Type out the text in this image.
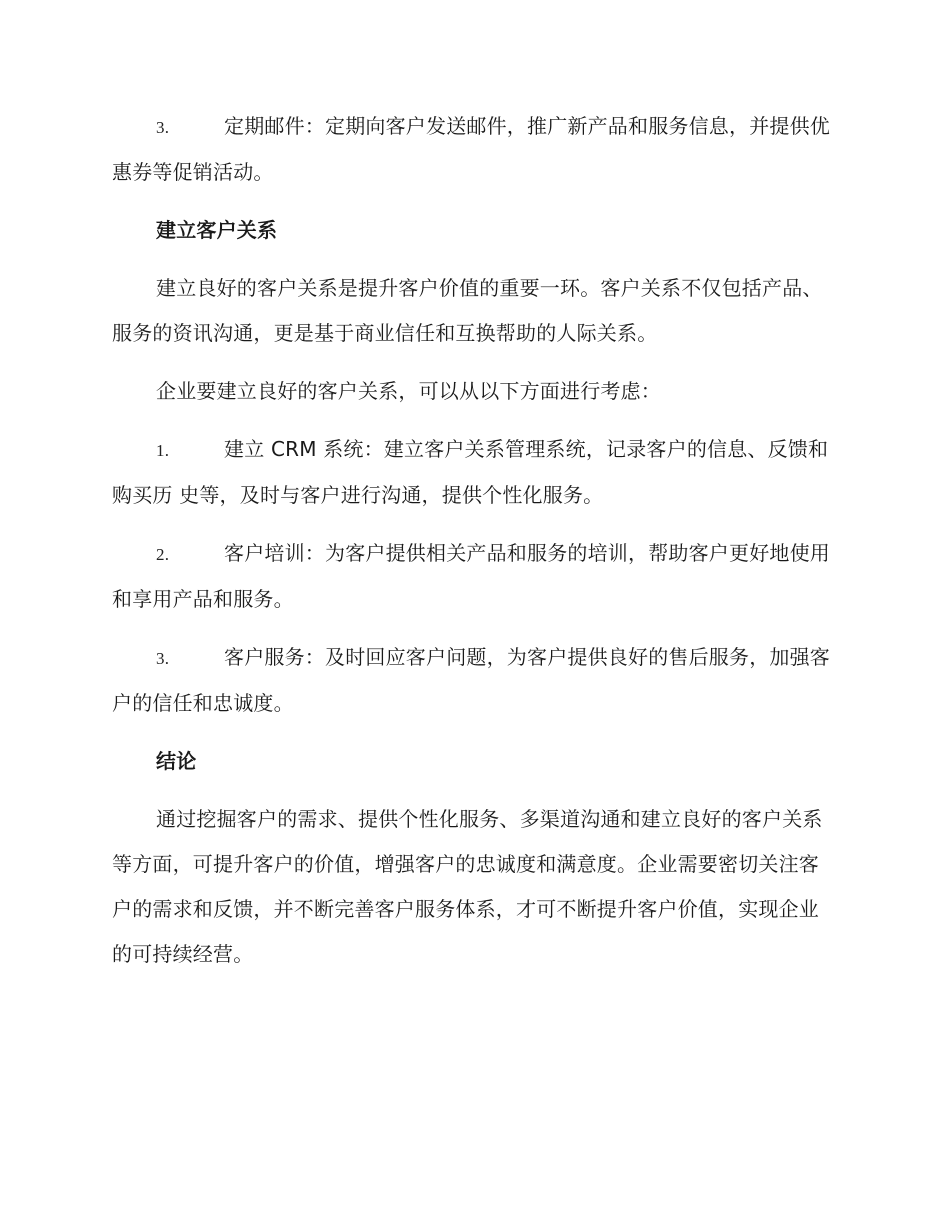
3.	定期邮件：定期向客户发送邮件，推广新产品和服务信息，并提供优惠券等促销活动。
建立客户关系
建立良好的客户关系是提升客户价值的重要一环。客户关系不仅包括产品、服务的资讯沟通，更是基于商业信任和互换帮助的人际关系。
企业要建立良好的客户关系，可以从以下方面进行考虑：
1.	建立 CRM 系统：建立客户关系管理系统，记录客户的信息、反馈和购买历 史等，及时与客户进行沟通，提供个性化服务。
2.	客户培训：为客户提供相关产品和服务的培训，帮助客户更好地使用和享用产品和服务。
3.	客户服务：及时回应客户问题，为客户提供良好的售后服务，加强客户的信任和忠诚度。
结论
通过挖掘客户的需求、提供个性化服务、多渠道沟通和建立良好的客户关系等方面，可提升客户的价值，增强客户的忠诚度和满意度。企业需要密切关注客户的需求和反馈，并不断完善客户服务体系，才可不断提升客户价值，实现企业的可持续经营。
